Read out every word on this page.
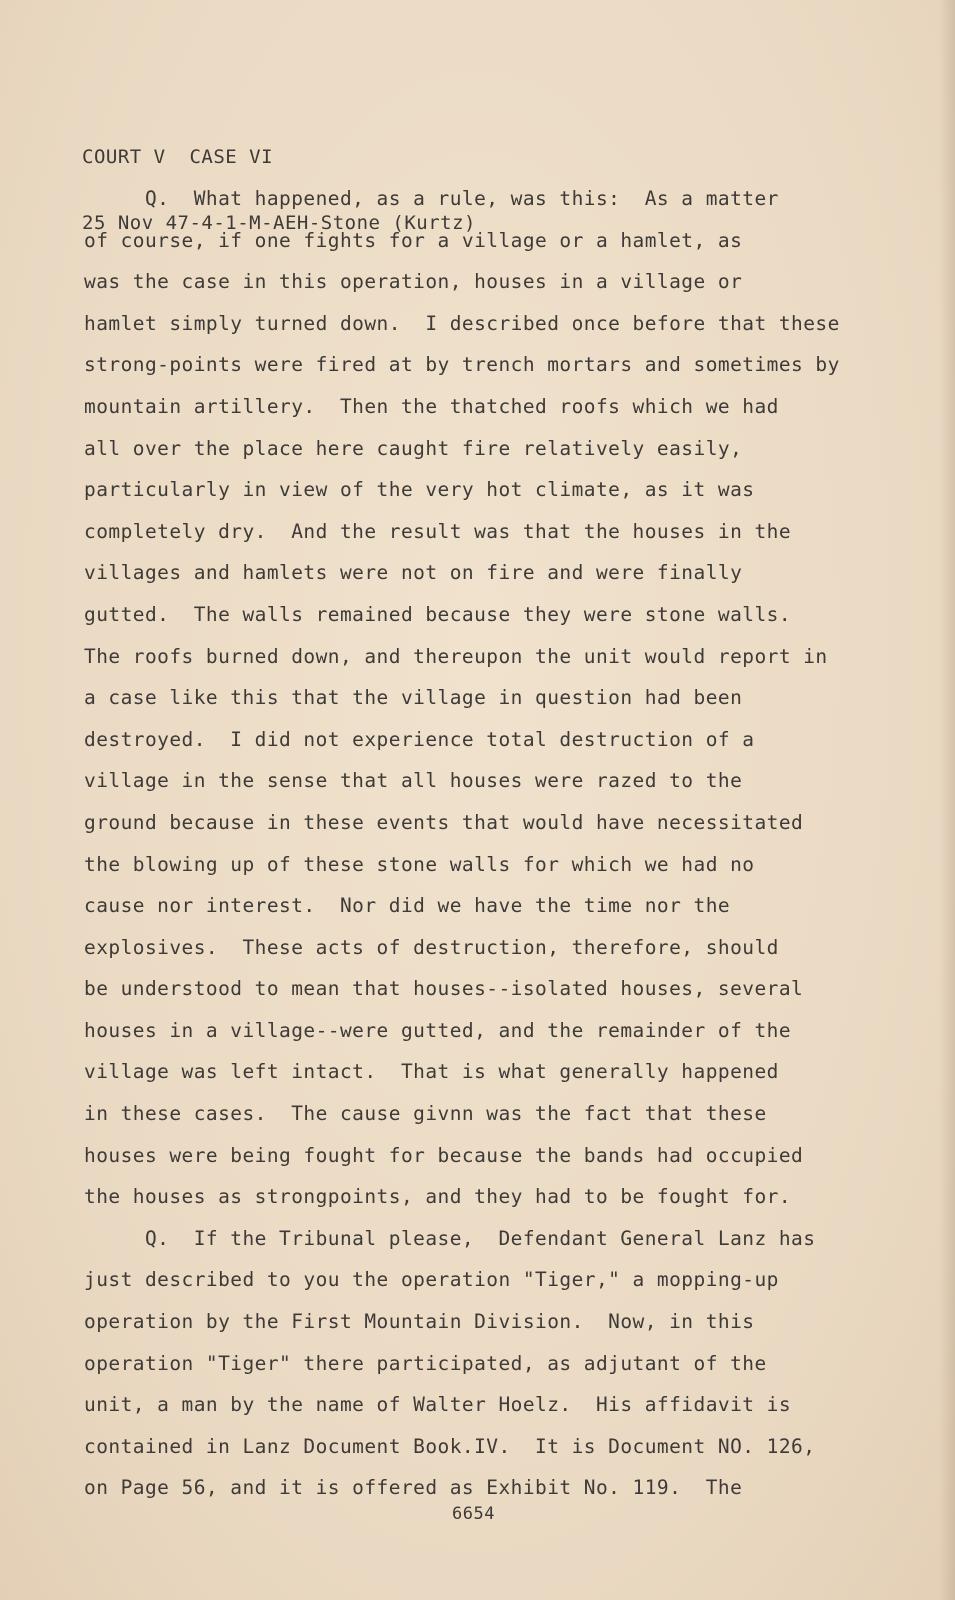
COURT V  CASE VI

25 Nov 47-4-1-M-AEH-Stone (Kurtz)

Q.  What happened, as a rule, was this:  As a matter
of course, if one fights for a village or a hamlet, as
was the case in this operation, houses in a village or
hamlet simply turned down.  I described once before that these
strong-points were fired at by trench mortars and sometimes by
mountain artillery.  Then the thatched roofs which we had
all over the place here caught fire relatively easily,
particularly in view of the very hot climate, as it was
completely dry.  And the result was that the houses in the
villages and hamlets were not on fire and were finally
gutted.  The walls remained because they were stone walls.
The roofs burned down, and thereupon the unit would report in
a case like this that the village in question had been
destroyed.  I did not experience total destruction of a
village in the sense that all houses were razed to the
ground because in these events that would have necessitated
the blowing up of these stone walls for which we had no
cause nor interest.  Nor did we have the time nor the
explosives.  These acts of destruction, therefore, should
be understood to mean that houses--isolated houses, several
houses in a village--were gutted, and the remainder of the
village was left intact.  That is what generally happened
in these cases.  The cause givnn was the fact that these
houses were being fought for because the bands had occupied
the houses as strongpoints, and they had to be fought for.
Q.  If the Tribunal please,  Defendant General Lanz has
just described to you the operation "Tiger," a mopping-up
operation by the First Mountain Division.  Now, in this
operation "Tiger" there participated, as adjutant of the
unit, a man by the name of Walter Hoelz.  His affidavit is
contained in Lanz Document Book.IV.  It is Document NO. 126,
on Page 56, and it is offered as Exhibit No. 119.  The
6654
